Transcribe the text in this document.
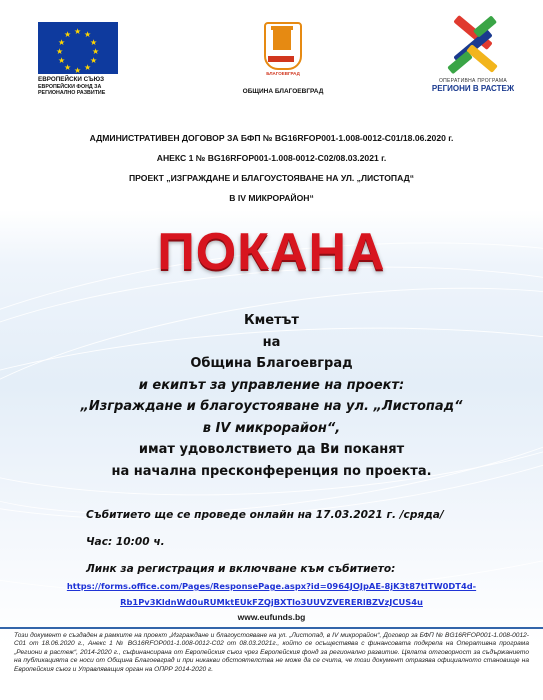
★ ★
★
★
★
★
★
★
★
★
★
★
ЕВРОПЕЙСКИ СЪЮЗ
ЕВРОПЕЙСКИ ФОНД ЗА
РЕГИОНАЛНО РАЗВИТИЕ
БЛАГОЕВГРАД
ОБЩИНА БЛАГОЕВГРАД
ОПЕРАТИВНА ПРОГРАМА
РЕГИОНИ В РАСТЕЖ
АДМИНИСТРАТИВЕН ДОГОВОР ЗА БФП № BG16RFOP001-1.008-0012-C01/18.06.2020 г.
АНЕКС 1 № BG16RFOP001-1.008-0012-C02/08.03.2021 г.
ПРОЕКТ „ИЗГРАЖДАНЕ И БЛАГОУСТОЯВАНЕ НА УЛ. „ЛИСТОПАД“
В IV МИКРОРАЙОН“
ПОКАНА
Кметът
на
Община Благоевград
и екипът за управление на проект:
„Изграждане и благоустояване на ул. „Листопад“
в IV микрорайон“,
имат удоволствието да Ви поканят
на начална пресконференция по проекта.
Събитието ще се проведе онлайн на 17.03.2021 г. /сряда/
Час: 10:00 ч.
Линк за регистрация и включване към събитието:
https://forms.office.com/Pages/ResponsePage.aspx?id=0964JOJpAE-8jK3t87tITW0DT4d-
Rb1Pv3KldnWd0uRUMktEUkFZQjBXTlo3UUVZVERERlBZVzJCUS4u
www.eufunds.bg
Този документ е създаден в рамките на проект „Изграждане и благоустояване на ул. „Листопад, в IV микрорайон“, Договор за БФП № BG16RFOP001-1.008-0012-C01 от 18.06.2020 г., Анекс 1 № BG16RFOP001-1.008-0012-C02 от 08.03.2021г., който се осъществява с финансовата подкрепа на Оперативна програма „Региони в растеж“, 2014-2020 г., съфинансирана от Европейския съюз чрез Европейския фонд за регионално развитие. Цялата отговорност за съдържанието на публикацията се носи от Община Благоевград и при никакви обстоятелства не може да се счита, че този документ отразява официалното становище на Европейския съюз и Управляващия орган на ОПРР 2014-2020 г.
